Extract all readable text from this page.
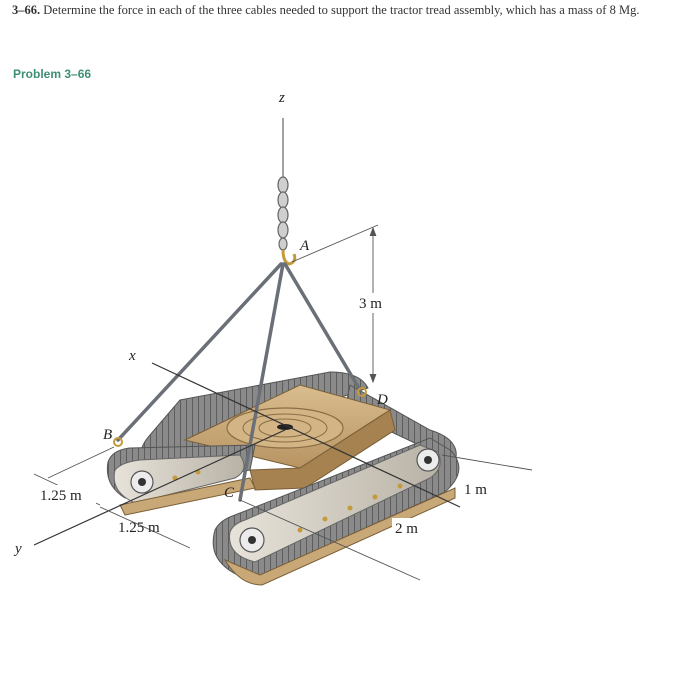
3–66. Determine the force in each of the three cables needed to support the tractor tread assembly, which has a mass of 8 Mg.
Problem 3–66
z
x
y
A
B
C
D
3 m
1.25 m
1.25 m	2 m
1 m
